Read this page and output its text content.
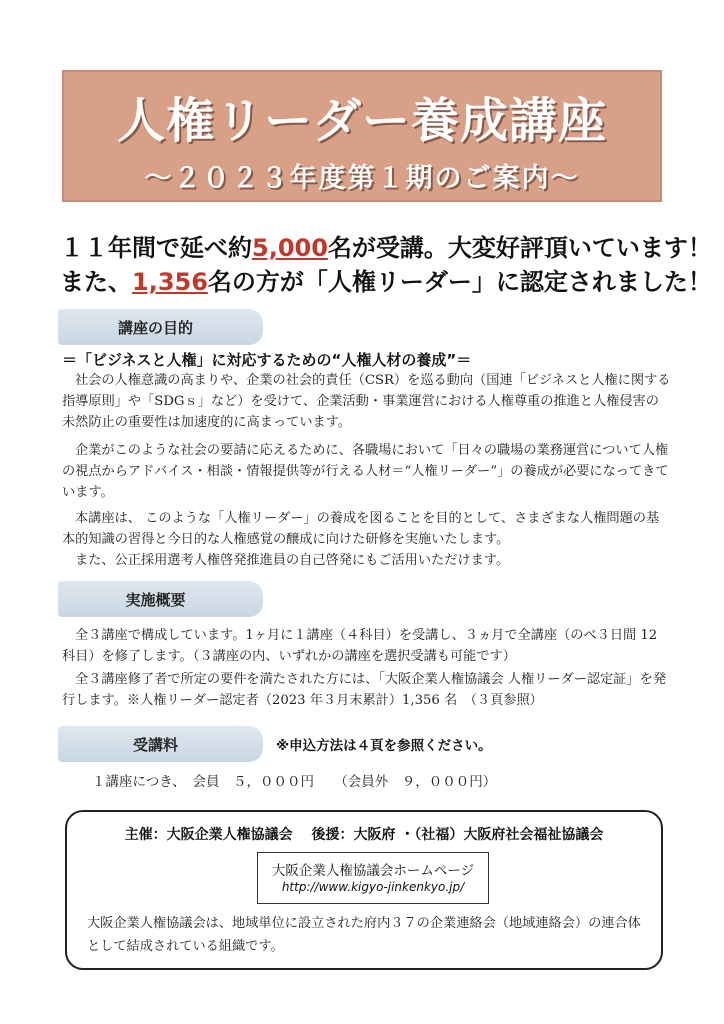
人権リーダー養成講座
～２０２３年度第１期のご案内～
１１年間で延べ約5,000名が受講。大変好評頂いています！
また、1,356名の方が「人権リーダー」に認定されました！
講座の目的
＝「ビジネスと人権」に対応するための“人権人材の養成”＝

社会の人権意識の高まりや、企業の社会的責任（CSR）を巡る動向（国連「ビジネスと人権に関する指導原則」や「SDGｓ」など）を受けて、企業活動・事業運営における人権尊重の推進と人権侵害の未然防止の重要性は加速度的に高まっています。

企業がこのような社会の要請に応えるために、各職場において「日々の職場の業務運営について人権の視点からアドバイス・相談・情報提供等が行える人材＝“人権リーダー”」の養成が必要になってきています。

本講座は、 このような「人権リーダー」の養成を図ることを目的として、さまざまな人権問題の基本的知識の習得と今日的な人権感覚の醸成に向けた研修を実施いたします。

また、公正採用選考人権啓発推進員の自己啓発にもご活用いただけます。

実施概要

全３講座で構成しています。1ヶ月に１講座（４科目）を受講し、３ヵ月で全講座（のべ３日間 12 科目）を修了します。（３講座の内、いずれかの講座を選択受講も可能です）

全３講座修了者で所定の要件を満たされた方には、「大阪企業人権協議会 人権リーダー認定証」を発行します。※人権リーダー認定者（2023 年３月末累計）1,356 名　（３頁参照）

受講料	※申込方法は４頁を参照ください。
１講座につき、　会員　５，０００円　　（会員外　９，０００円）
主催：大阪企業人権協議会　 後援：大阪府 ・（社福）大阪府社会福祉協議会
大阪企業人権協議会ホームページ
http://www.kigyo-jinkenkyo.jp/

大阪企業人権協議会は、地域単位に設立された府内３７の企業連絡会（地域連絡会）の連合体として結成されている組織です。
